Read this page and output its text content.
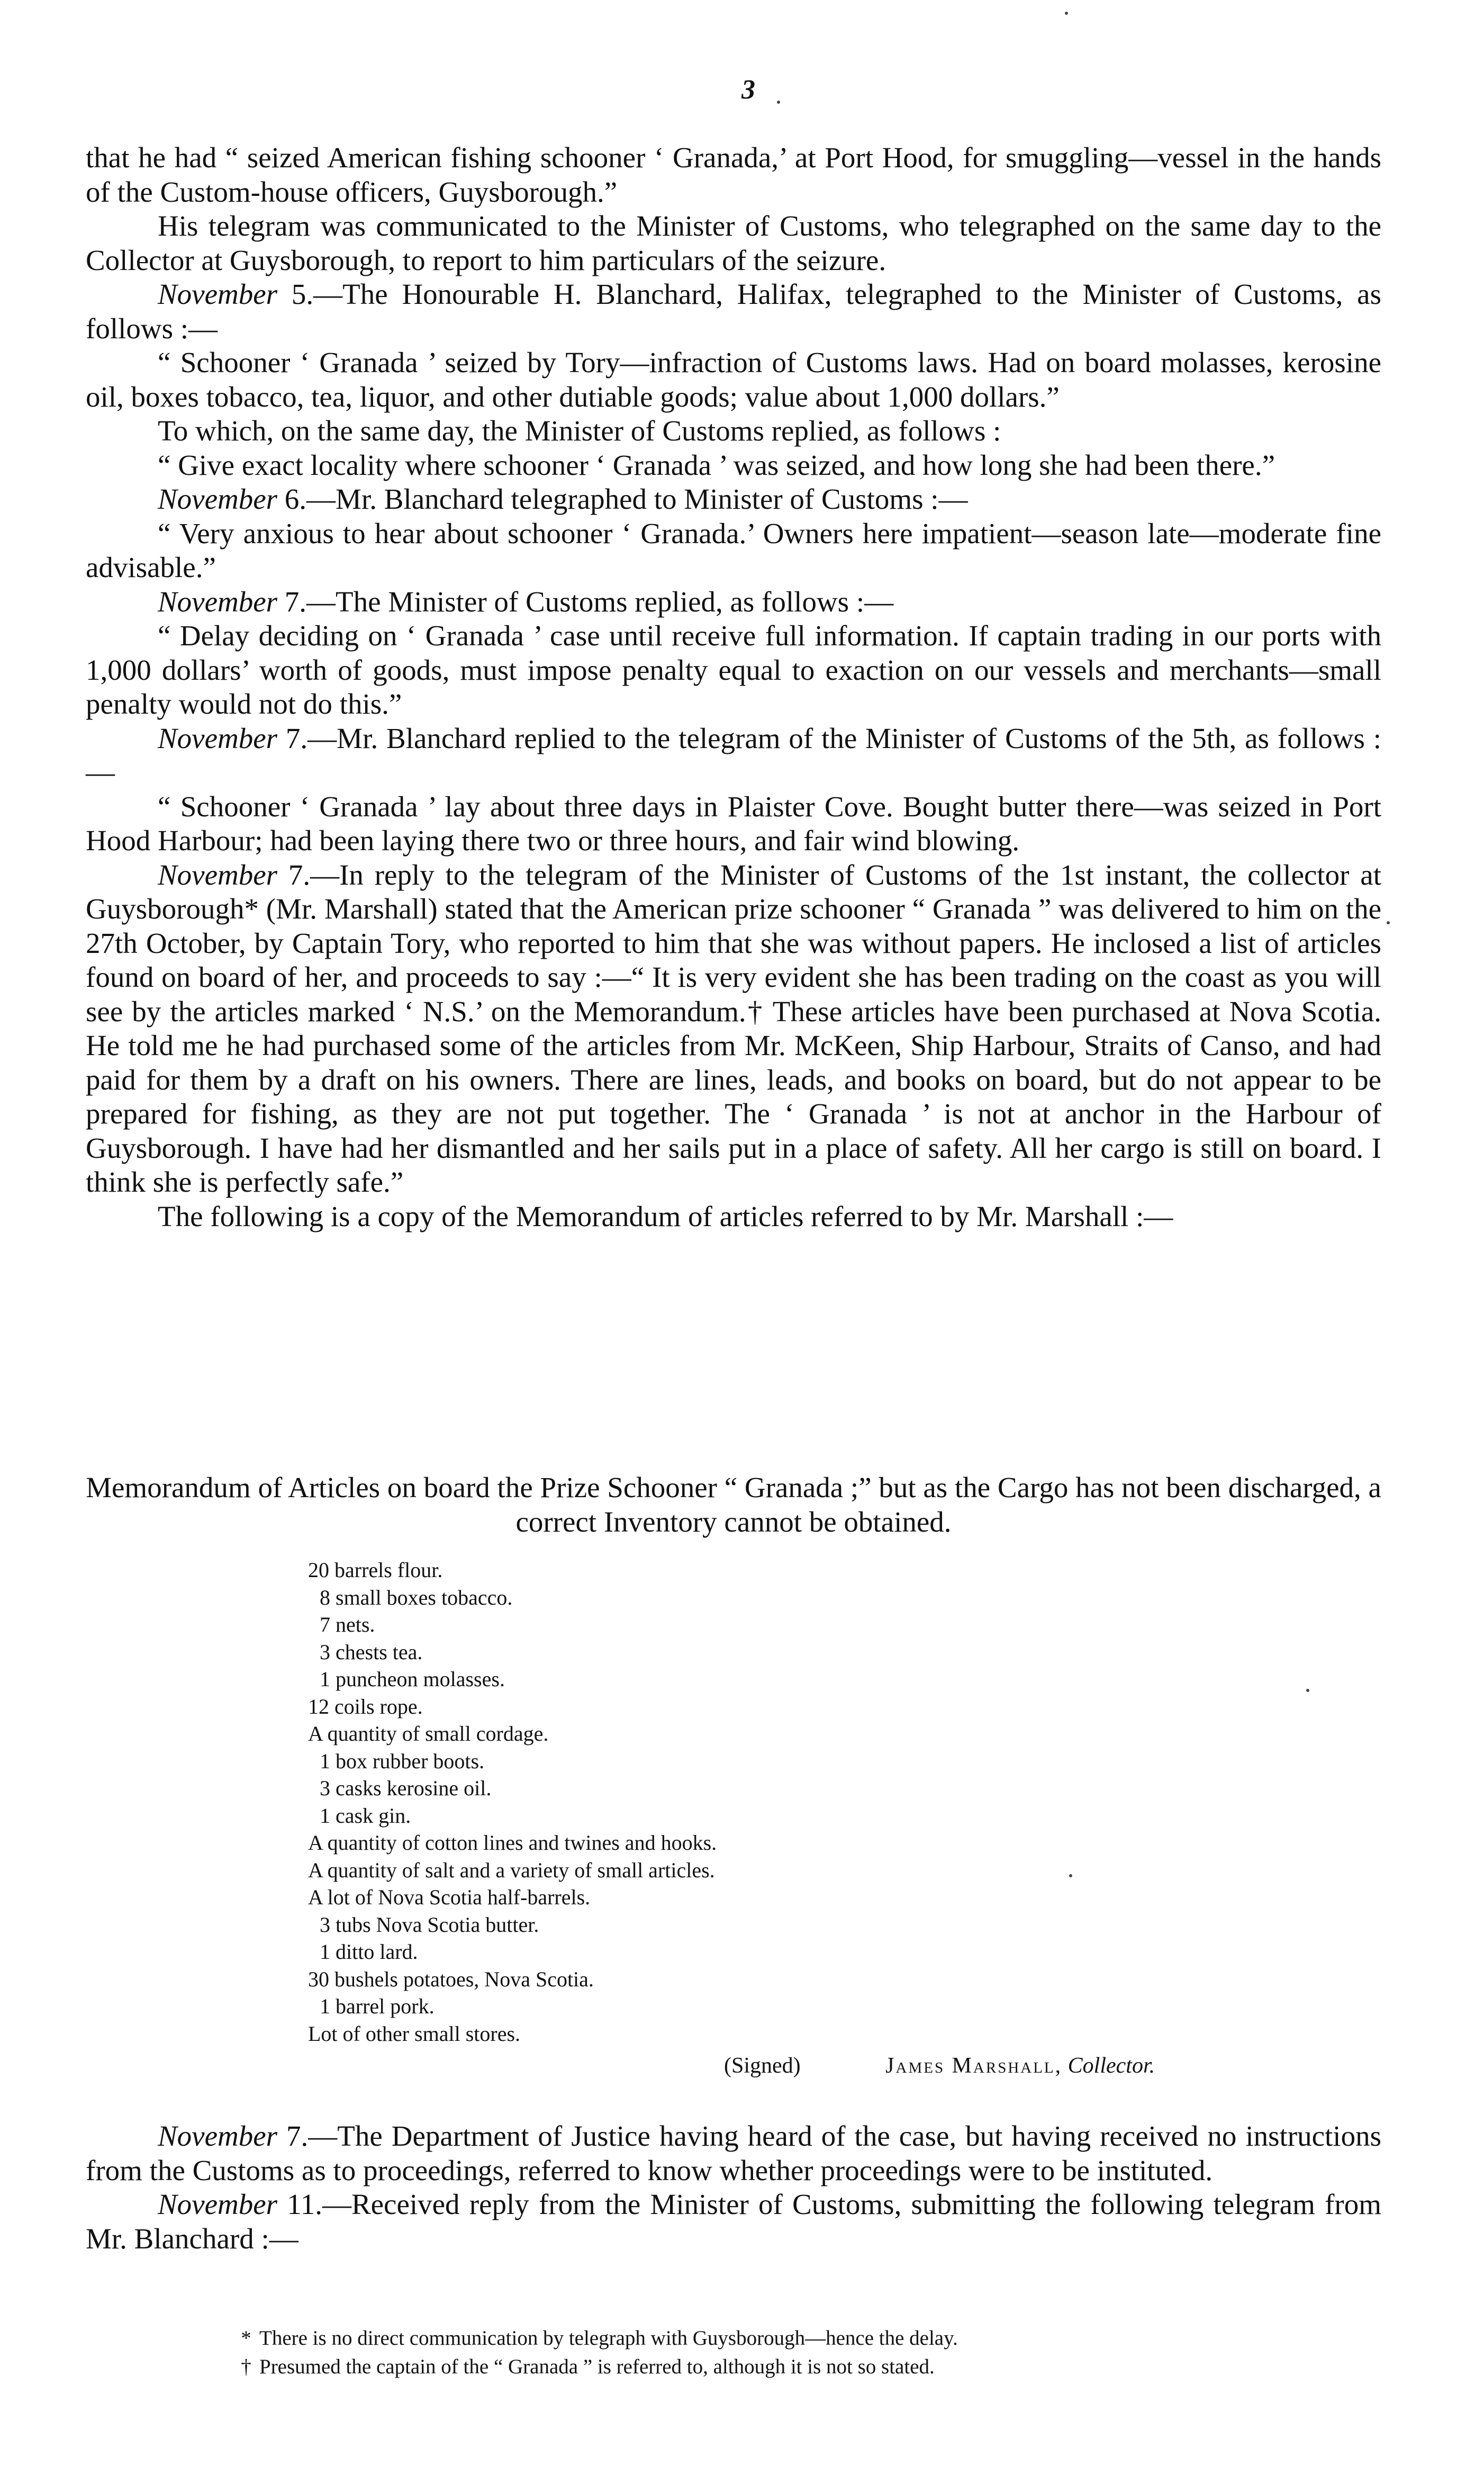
3

that he had “ seized American fishing schooner ‘ Granada,’ at Port Hood, for smuggling—vessel in the hands of the Custom-house officers, Guysborough.”

His telegram was communicated to the Minister of Customs, who telegraphed on the same day to the Collector at Guysborough, to report to him particulars of the seizure.

November 5.—The Honourable H. Blanchard, Halifax, telegraphed to the Minister of Customs, as follows :—

“ Schooner ‘ Granada ’ seized by Tory—infraction of Customs laws. Had on board molasses, kerosine oil, boxes tobacco, tea, liquor, and other dutiable goods; value about 1,000 dollars.”

To which, on the same day, the Minister of Customs replied, as follows :

“ Give exact locality where schooner ‘ Granada ’ was seized, and how long she had been there.”

November 6.—Mr. Blanchard telegraphed to Minister of Customs :—

“ Very anxious to hear about schooner ‘ Granada.’ Owners here impatient—season late—moderate fine advisable.”

November 7.—The Minister of Customs replied, as follows :—

“ Delay deciding on ‘ Granada ’ case until receive full information. If captain trading in our ports with 1,000 dollars’ worth of goods, must impose penalty equal to exaction on our vessels and merchants—small penalty would not do this.”

November 7.—Mr. Blanchard replied to the telegram of the Minister of Customs of the 5th, as follows :—

“ Schooner ‘ Granada ’ lay about three days in Plaister Cove. Bought butter there—was seized in Port Hood Harbour; had been laying there two or three hours, and fair wind blowing.

November 7.—In reply to the telegram of the Minister of Customs of the 1st instant, the collector at Guysborough* (Mr. Marshall) stated that the American prize schooner “ Granada ” was delivered to him on the 27th October, by Captain Tory, who reported to him that she was without papers. He inclosed a list of articles found on board of her, and proceeds to say :—“ It is very evident she has been trading on the coast as you will see by the articles marked ‘ N.S.’ on the Memorandum.† These articles have been purchased at Nova Scotia. He told me he had purchased some of the articles from Mr. McKeen, Ship Harbour, Straits of Canso, and had paid for them by a draft on his owners. There are lines, leads, and books on board, but do not appear to be prepared for fishing, as they are not put together. The ‘ Granada ’ is not at anchor in the Harbour of Guysborough. I have had her dismantled and her sails put in a place of safety. All her cargo is still on board. I think she is perfectly safe.”

The following is a copy of the Memorandum of articles referred to by Mr. Marshall :—

Memorandum of Articles on board the Prize Schooner “ Granada ;” but as the Cargo has not been discharged, a correct Inventory cannot be obtained.
20 barrels flour.
8 small boxes tobacco.
7 nets.
3 chests tea.
1 puncheon molasses.
12 coils rope.
A quantity of small cordage.
1 box rubber boots.
3 casks kerosine oil.
1 cask gin.
A quantity of cotton lines and twines and hooks.
A quantity of salt and a variety of small articles.
A lot of Nova Scotia half-barrels.
3 tubs Nova Scotia butter.
1 ditto lard.
30 bushels potatoes, Nova Scotia.
1 barrel pork.
Lot of other small stores.
(Signed)	James Marshall, Collector.

November 7.—The Department of Justice having heard of the case, but having received no instructions from the Customs as to proceedings, referred to know whether proceedings were to be instituted.

November 11.—Received reply from the Minister of Customs, submitting the following telegram from Mr. Blanchard :—

* There is no direct communication by telegraph with Guysborough—hence the delay.
† Presumed the captain of the “ Granada ” is referred to, although it is not so stated.
